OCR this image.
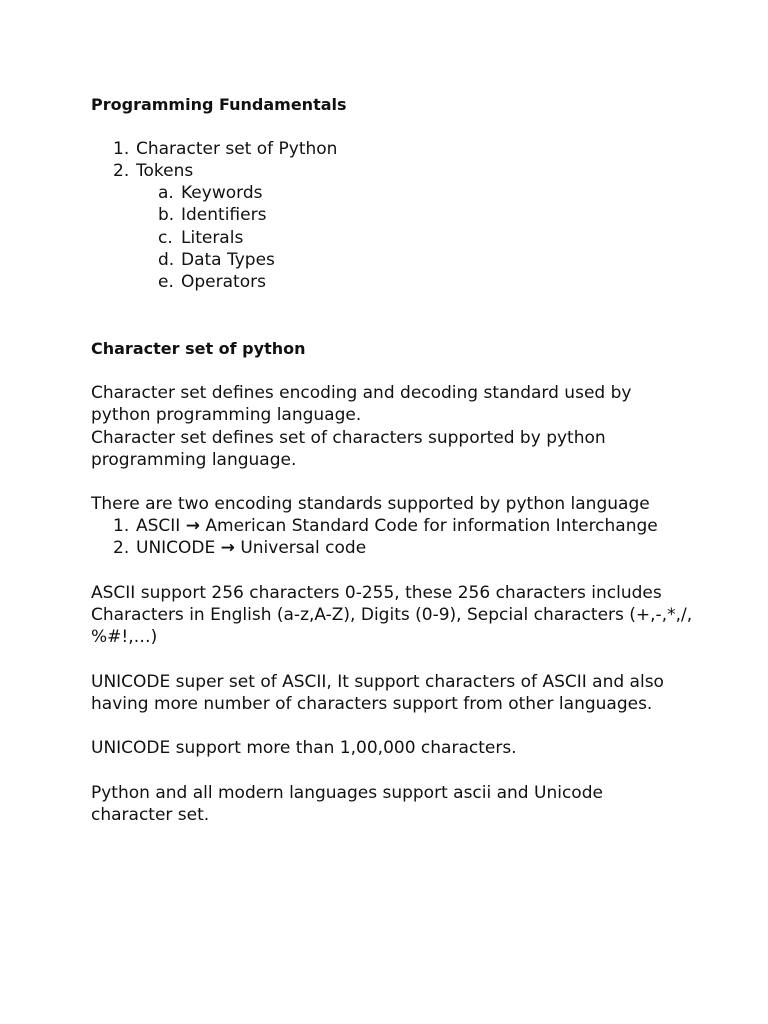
Programming Fundamentals
1. Character set of Python
2. Tokens
a. Keywords
b. Identifiers
c. Literals
d. Data Types
e. Operators
Character set of python
Character set defines encoding and decoding standard used by
python programming language.
Character set defines set of characters supported by python
programming language.
There are two encoding standards supported by python language
1. ASCII → American Standard Code for information Interchange
2. UNICODE → Universal code
ASCII support 256 characters 0-255, these 256 characters includes
Characters in English (a-z,A-Z), Digits (0-9), Sepcial characters (+,-,*,/,
%#!,…)
UNICODE super set of ASCII, It support characters of ASCII and also
having more number of characters support from other languages.
UNICODE support more than 1,00,000 characters.
Python and all modern languages support ascii and Unicode
character set.
